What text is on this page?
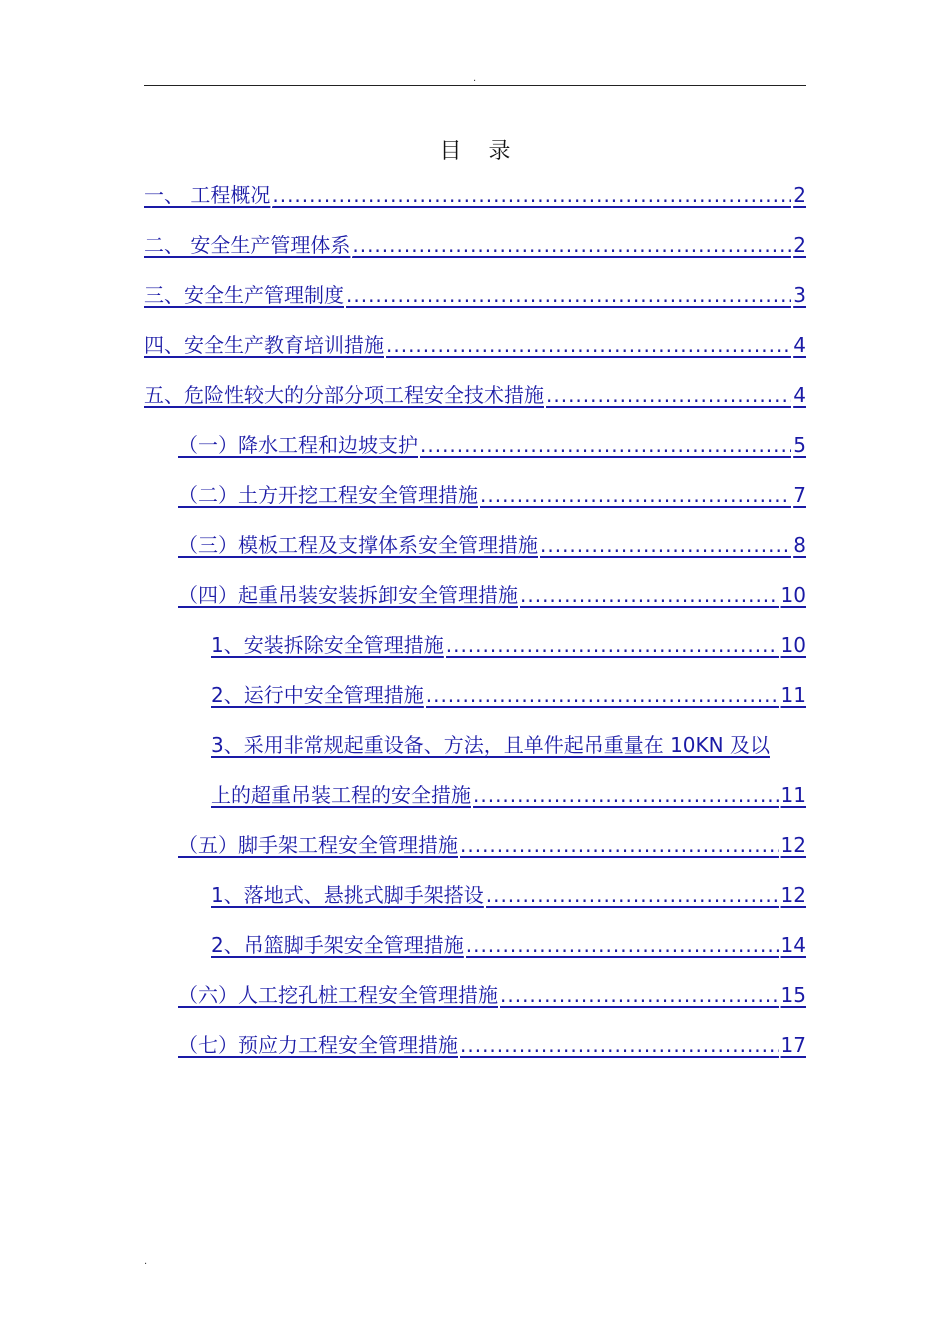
.
目 录
一、 工程概况 .....	2
二、 安全生产管理体系 .....	2
三、安全生产管理制度 .....	3
四、安全生产教育培训措施 .....	4
五、危险性较大的分部分项工程安全技术措施 .....	4
（一）降水工程和边坡支护 .....	5
（二）土方开挖工程安全管理措施 .....	7
（三）模板工程及支撑体系安全管理措施 .....	8
（四）起重吊装安装拆卸安全管理措施 .....	10
1、安装拆除安全管理措施 .....	10
2、运行中安全管理措施 .....	11
3、采用非常规起重设备、方法，且单件起吊重量在 10KN 及以
上的超重吊装工程的安全措施 .....	11
（五）脚手架工程安全管理措施 .....	12
1、落地式、悬挑式脚手架搭设 .....	12
2、吊篮脚手架安全管理措施 .....	14
（六）人工挖孔桩工程安全管理措施 .....	15
（七）预应力工程安全管理措施 .....	17
.
